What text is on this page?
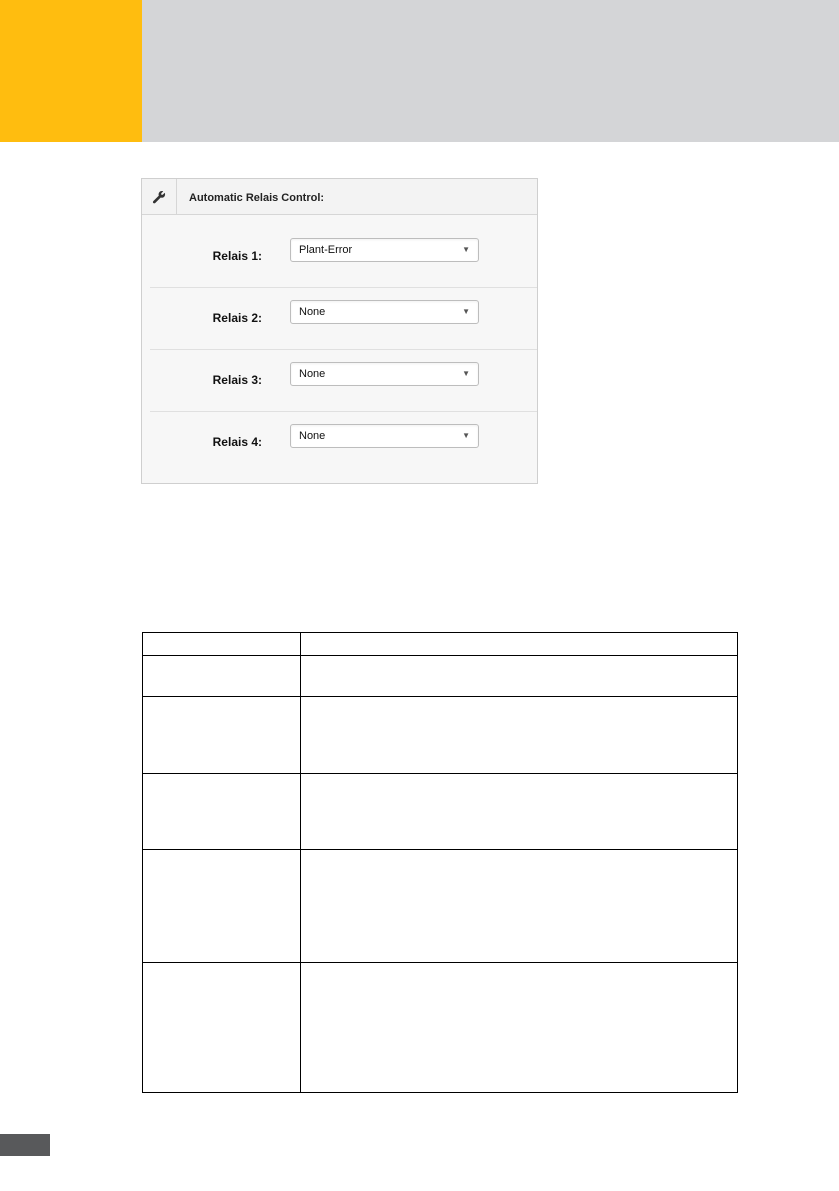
Automatic Relais Control:
Relais 1:	Plant-Error	▼
Relais 2:	None	▼
Relais 3:	None	▼
Relais 4:	None	▼
